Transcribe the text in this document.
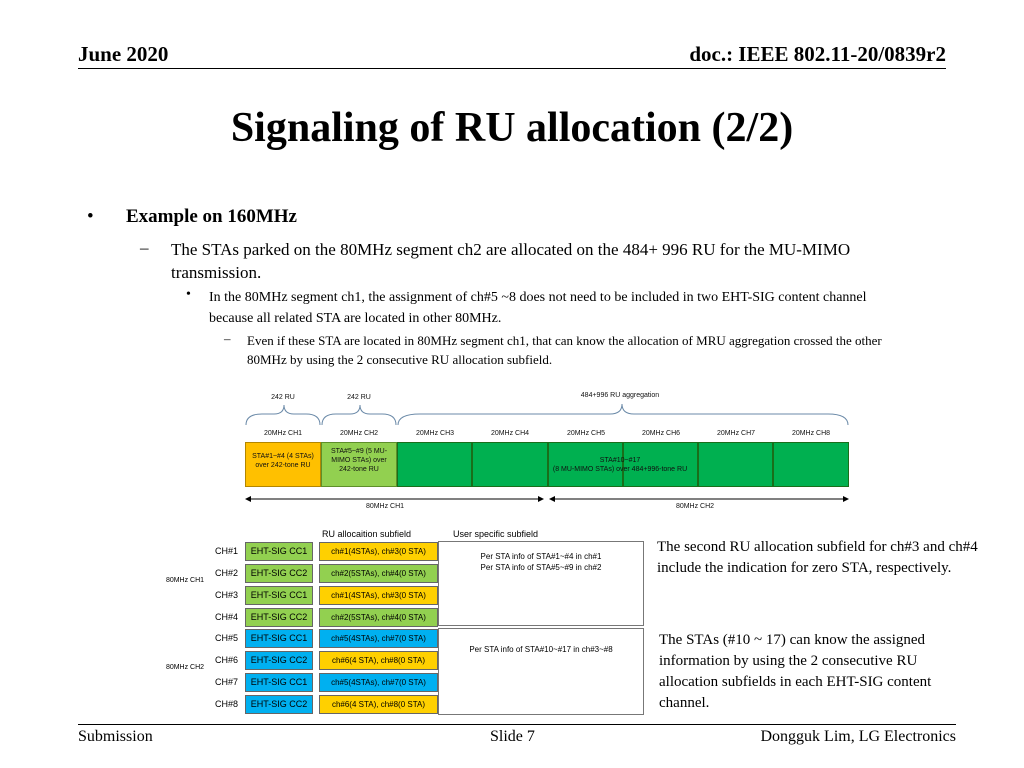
June 2020	doc.: IEEE 802.11-20/0839r2
Signaling of RU allocation (2/2)
• Example on 160MHz
– The STAs parked on the 80MHz segment ch2 are allocated on the 484+ 996 RU for the MU-MIMO transmission.
• In the 80MHz segment ch1, the assignment of ch#5 ~8 does not need to be included in two EHT-SIG content channel because all related STA are located in other 80MHz.
– Even if these STA are located in 80MHz segment ch1, that can know the allocation of MRU aggregation crossed the other 80MHz by using the 2 consecutive RU allocation subfield.
242 RU	242 RU	484+996 RU aggregation
20MHz CH1	20MHz CH2	20MHz CH3	20MHz CH4	20MHz CH5	20MHz CH6	20MHz CH7	20MHz CH8
STA#1~#4 (4 STAs) over 242-tone RU
STA#5~#9 (5 MU-MIMO STAs) over 242-tone RU
STA#10~#17
(8 MU-MIMO STAs) over 484+996-tone RU
80MHz CH1	80MHz CH2
RU allocaition subfield	User specific subfield
80MHz CH1
80MHz CH2
CH#1	EHT-SIG CC1	ch#1(4STAs), ch#3(0 STA)
CH#2	EHT-SIG CC2	ch#2(5STAs), ch#4(0 STA)
CH#3	EHT-SIG CC1	ch#1(4STAs), ch#3(0 STA)
CH#4	EHT-SIG CC2	ch#2(5STAs), ch#4(0 STA)
CH#5	EHT-SIG CC1	ch#5(4STAs), ch#7(0 STA)
CH#6	EHT-SIG CC2	ch#6(4 STA), ch#8(0 STA)
CH#7	EHT-SIG CC1	ch#5(4STAs), ch#7(0 STA)
CH#8	EHT-SIG CC2	ch#6(4 STA), ch#8(0 STA)
Per STA info of STA#1~#4 in ch#1
Per STA info of STA#5~#9 in ch#2
Per STA info of STA#10~#17 in ch#3~#8
The second RU allocation subfield for ch#3 and ch#4 include the indication for zero STA, respectively.
The STAs (#10 ~ 17) can know the assigned information by using the 2 consecutive RU allocation subfields in each EHT-SIG content channel.
Submission	Slide 7	Dongguk Lim, LG Electronics
